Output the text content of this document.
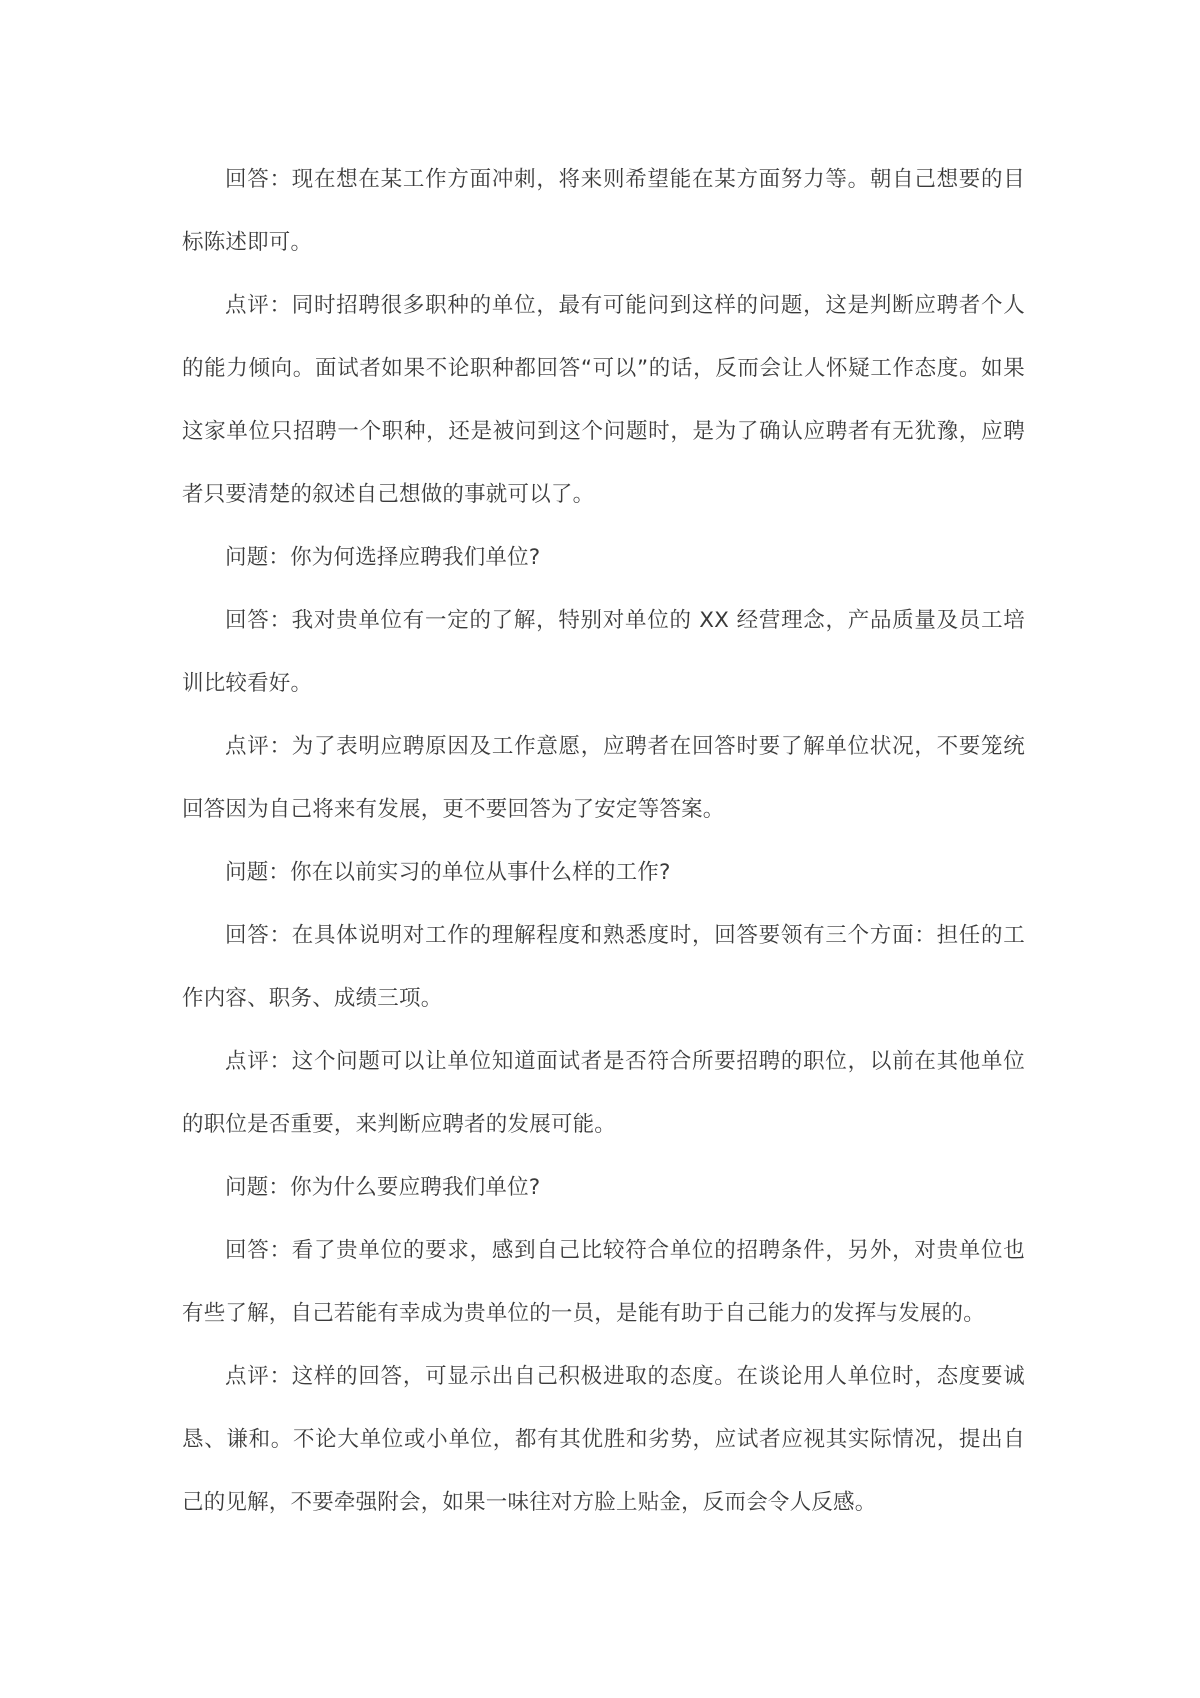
回答：现在想在某工作方面冲刺，将来则希望能在某方面努力等。朝自己想要的目标陈述即可。

点评：同时招聘很多职种的单位，最有可能问到这样的问题，这是判断应聘者个人的能力倾向。面试者如果不论职种都回答“可以”的话，反而会让人怀疑工作态度。如果这家单位只招聘一个职种，还是被问到这个问题时，是为了确认应聘者有无犹豫，应聘者只要清楚的叙述自己想做的事就可以了。

问题：你为何选择应聘我们单位?

回答：我对贵单位有一定的了解，特别对单位的 XX 经营理念，产品质量及员工培训比较看好。

点评：为了表明应聘原因及工作意愿，应聘者在回答时要了解单位状况，不要笼统回答因为自己将来有发展，更不要回答为了安定等答案。

问题：你在以前实习的单位从事什么样的工作?

回答：在具体说明对工作的理解程度和熟悉度时，回答要领有三个方面：担任的工作内容、职务、成绩三项。

点评：这个问题可以让单位知道面试者是否符合所要招聘的职位，以前在其他单位的职位是否重要，来判断应聘者的发展可能。

问题：你为什么要应聘我们单位?

回答：看了贵单位的要求，感到自己比较符合单位的招聘条件，另外，对贵单位也有些了解，自己若能有幸成为贵单位的一员，是能有助于自己能力的发挥与发展的。

点评：这样的回答，可显示出自己积极进取的态度。在谈论用人单位时，态度要诚恳、谦和。不论大单位或小单位，都有其优胜和劣势，应试者应视其实际情况，提出自己的见解，不要牵强附会，如果一味往对方脸上贴金，反而会令人反感。
